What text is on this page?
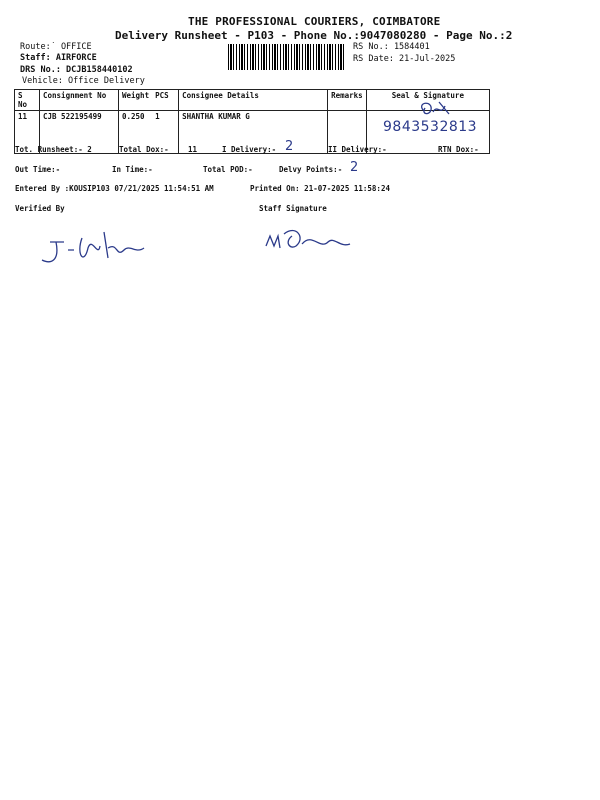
THE PROFESSIONAL COURIERS, COIMBATORE
Delivery Runsheet - P103 - Phone No.:9047080280 - Page No.:2
Route:˙ OFFICE
Staff: AIRFORCE
DRS No.: DCJB158440102
Vehicle: Office Delivery
RS No.: 1584401
RS Date: 21-Jul-2025
S No	Consignment No	Weight	PCS	Consignee Details	Remarks	Seal & Signature
11	CJB 522195499	0.250	1	SHANTHA KUMAR G		
9843532813
Tot. Runsheet:- 2	Total Dox:-	11	I Delivery:- 2	II Delivery:-	RTN Dox:-
Out Time:-	In Time:-	Total POD:-	Delvy Points:- 2
Entered By :KOUSIP103 07/21/2025 11:54:51 AM	Printed On: 21-07-2025 11:58:24
Verified By	Staff Signature
